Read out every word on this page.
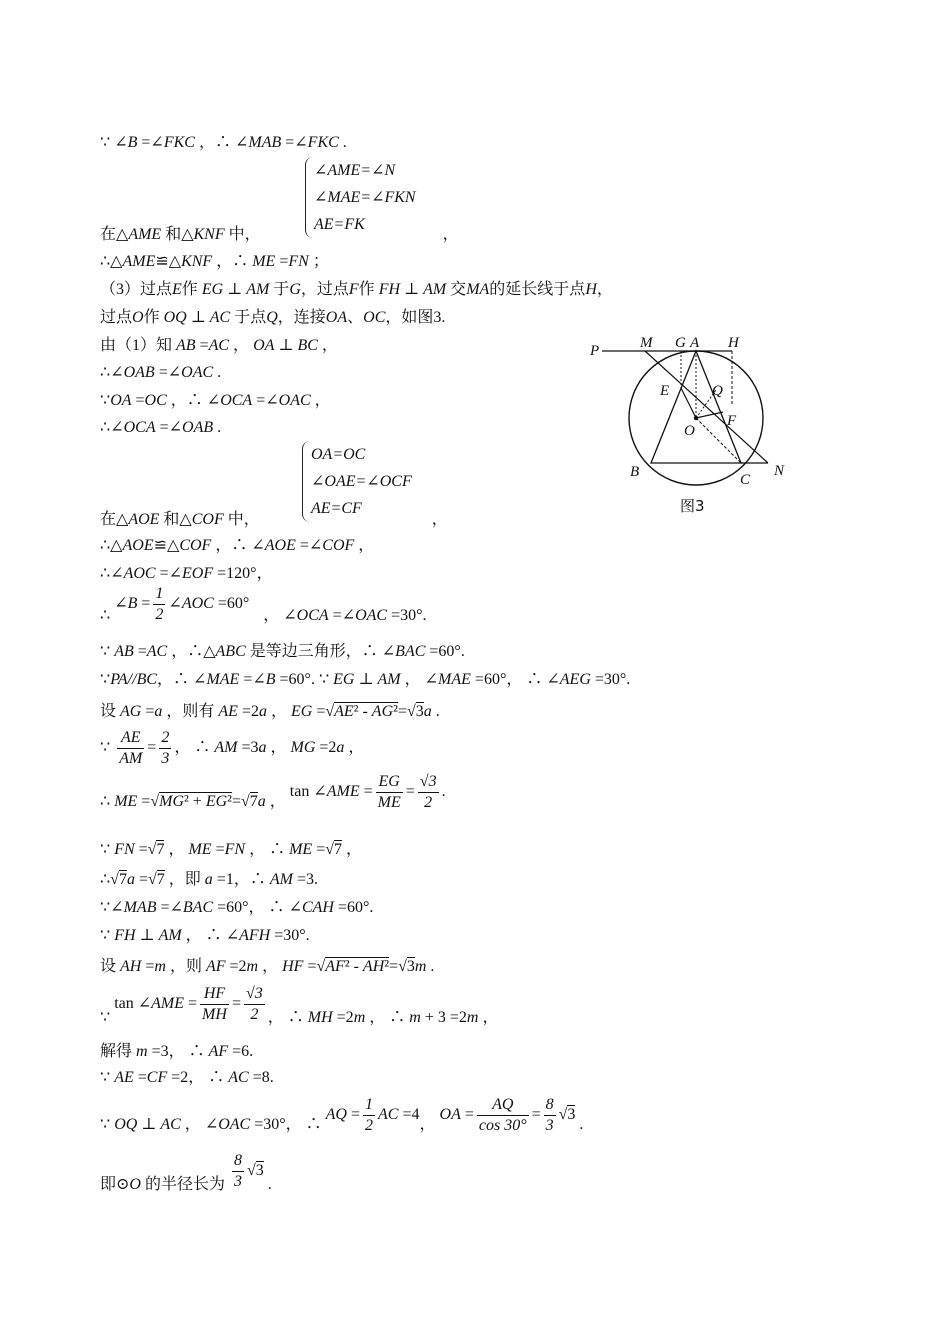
∵ ∠B =∠FKC ，∴ ∠MAB =∠FKC .
∠AME=∠N
∠MAE=∠FKN
AE=FK
在△AME 和△KNF 中，	，
∴△AME≌△KNF ，∴ ME =FN ；
（3）过点E作 EG ⊥ AM 于G，过点F作 FH ⊥ AM 交MA的延长线于点H，
过点O作 OQ ⊥ AC 于点Q，连接OA、OC，如图3.
由（1）知 AB =AC ， OA ⊥ BC ，
∴∠OAB =∠OAC .
∵OA =OC ，∴ ∠OCA =∠OAC ，
∴∠OCA =∠OAB .
OA=OC
∠OAE=∠OCF
AE=CF
在△AOE 和△COF 中，	，
∴△AOE≌△COF ，∴ ∠AOE =∠COF ，
∴∠AOC =∠EOF =120°，
∴ ∠B = $\frac{1}{2}$ ∠AOC =60° ， ∠OCA =∠OAC =30°.
∵ AB =AC ，∴△ABC 是等边三角形，∴ ∠BAC =60°.
∵PA//BC，∴ ∠MAE =∠B =60°. ∵ EG ⊥ AM ， ∠MAE =60°， ∴ ∠AEG =30°.
设 AG =a ，则有 AE =2a ， EG =√AE² - AG²=√3a .
∵ $\frac{AE}{AM} = \frac{2}{3}$ ， ∴ AM =3a ， MG =2a ，
∴ ME =√MG² + EG²=√7a ， tan ∠AME = $\frac{EG}{ME} = \frac{√3}{2}$ .
∵ FN =√7 ， ME =FN ， ∴ ME =√7 ，
∴√7a =√7 ，即 a =1，∴ AM =3.
∵∠MAB =∠BAC =60°， ∴ ∠CAH =60°.
∵ FH ⊥ AM ， ∴ ∠AFH =30°.
设 AH =m ，则 AF =2m ， HF =√AF² - AH²=√3m .
∵ tan ∠AME = $\frac{HF}{MH} = \frac{√3}{2}$ ， ∴ MH =2m ， ∴ m + 3 =2m ，
解得 m =3， ∴ AF =6.
∵ AE =CF =2， ∴ AC =8.
∵ OQ ⊥ AC ， ∠OAC =30°， ∴ AQ = $\frac{1}{2}$ AC =4， OA = $\frac{AQ}{\cos 30^\circ} = \frac{8}{3} √3$ .
即⊙O 的半径长为 $\frac{8}{3} √3$ .
P	M G A H
E	Q
O
F
B	C
N
图3
